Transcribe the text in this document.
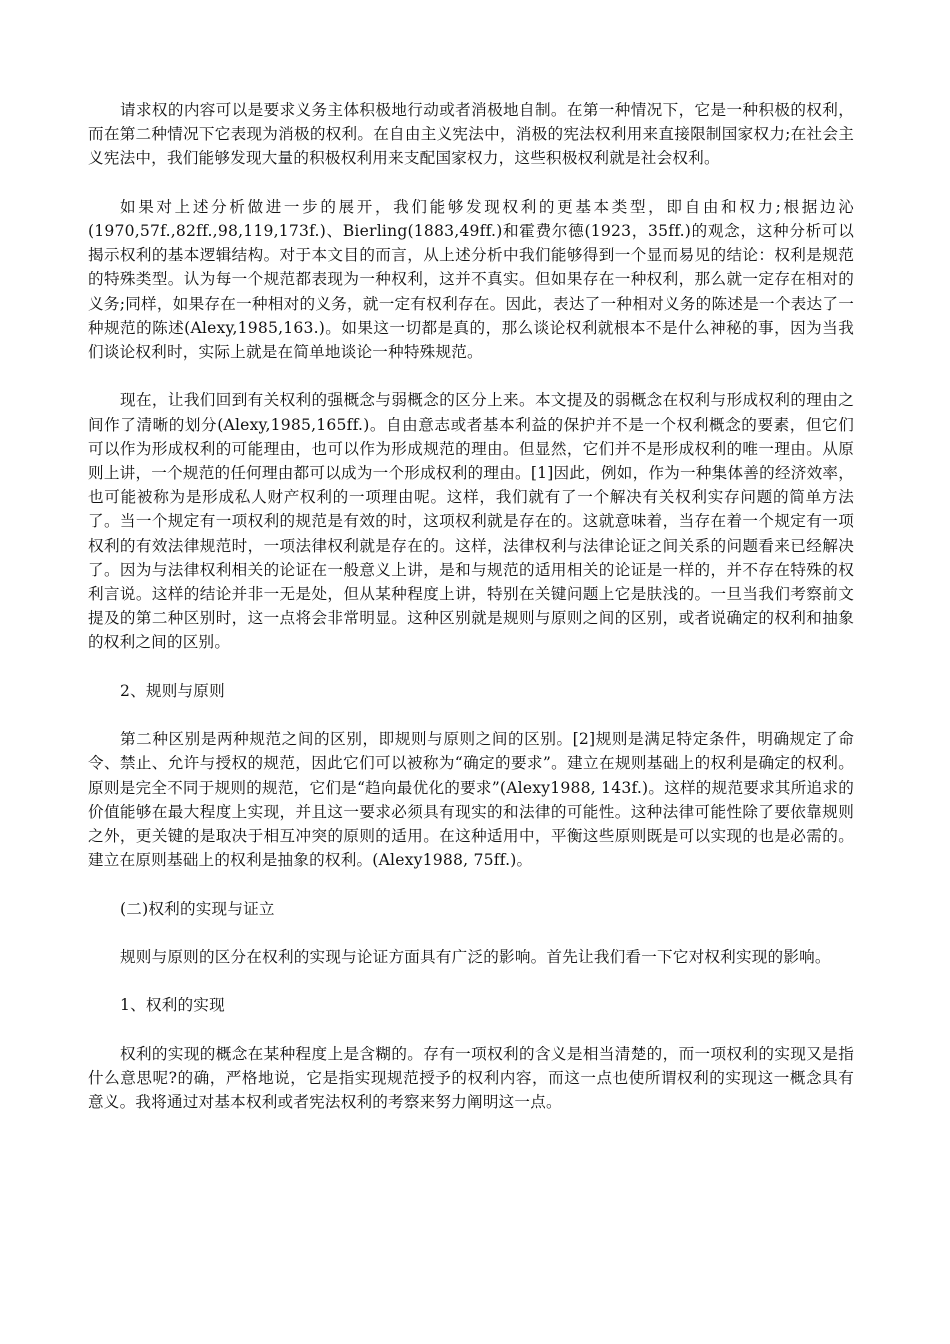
请求权的内容可以是要求义务主体积极地行动或者消极地自制。在第一种情况下，它是一种积极的权利，而在第二种情况下它表现为消极的权利。在自由主义宪法中，消极的宪法权利用来直接限制国家权力;在社会主义宪法中，我们能够发现大量的积极权利用来支配国家权力，这些积极权利就是社会权利。

如果对上述分析做进一步的展开，我们能够发现权利的更基本类型，即自由和权力;根据边沁(1970,57f.,82ff.,98,119,173f.)、Bierling(1883,49ff.)和霍费尔德(1923，35ff.)的观念，这种分析可以揭示权利的基本逻辑结构。对于本文目的而言，从上述分析中我们能够得到一个显而易见的结论：权利是规范的特殊类型。认为每一个规范都表现为一种权利，这并不真实。但如果存在一种权利，那么就一定存在相对的义务;同样，如果存在一种相对的义务，就一定有权利存在。因此，表达了一种相对义务的陈述是一个表达了一种规范的陈述(Alexy,1985,163.)。如果这一切都是真的，那么谈论权利就根本不是什么神秘的事，因为当我们谈论权利时，实际上就是在简单地谈论一种特殊规范。

现在，让我们回到有关权利的强概念与弱概念的区分上来。本文提及的弱概念在权利与形成权利的理由之间作了清晰的划分(Alexy,1985,165ff.)。自由意志或者基本利益的保护并不是一个权利概念的要素，但它们可以作为形成权利的可能理由，也可以作为形成规范的理由。但显然，它们并不是形成权利的唯一理由。从原则上讲，一个规范的任何理由都可以成为一个形成权利的理由。[1]因此，例如，作为一种集体善的经济效率，也可能被称为是形成私人财产权利的一项理由呢。这样，我们就有了一个解决有关权利实存问题的简单方法了。当一个规定有一项权利的规范是有效的时，这项权利就是存在的。这就意味着，当存在着一个规定有一项权利的有效法律规范时，一项法律权利就是存在的。这样，法律权利与法律论证之间关系的问题看来已经解决了。因为与法律权利相关的论证在一般意义上讲，是和与规范的适用相关的论证是一样的，并不存在特殊的权利言说。这样的结论并非一无是处，但从某种程度上讲，特别在关键问题上它是肤浅的。一旦当我们考察前文提及的第二种区别时，这一点将会非常明显。这种区别就是规则与原则之间的区别，或者说确定的权利和抽象的权利之间的区别。

2、规则与原则

第二种区别是两种规范之间的区别，即规则与原则之间的区别。[2]规则是满足特定条件，明确规定了命令、禁止、允许与授权的规范，因此它们可以被称为“确定的要求”。建立在规则基础上的权利是确定的权利。原则是完全不同于规则的规范，它们是“趋向最优化的要求”(Alexy1988, 143f.)。这样的规范要求其所追求的价值能够在最大程度上实现，并且这一要求必须具有现实的和法律的可能性。这种法律可能性除了要依靠规则之外，更关键的是取决于相互冲突的原则的适用。在这种适用中，平衡这些原则既是可以实现的也是必需的。建立在原则基础上的权利是抽象的权利。(Alexy1988, 75ff.)。

(二)权利的实现与证立

规则与原则的区分在权利的实现与论证方面具有广泛的影响。首先让我们看一下它对权利实现的影响。

1、权利的实现

权利的实现的概念在某种程度上是含糊的。存有一项权利的含义是相当清楚的，而一项权利的实现又是指什么意思呢?的确，严格地说，它是指实现规范授予的权利内容，而这一点也使所谓权利的实现这一概念具有意义。我将通过对基本权利或者宪法权利的考察来努力阐明这一点。
